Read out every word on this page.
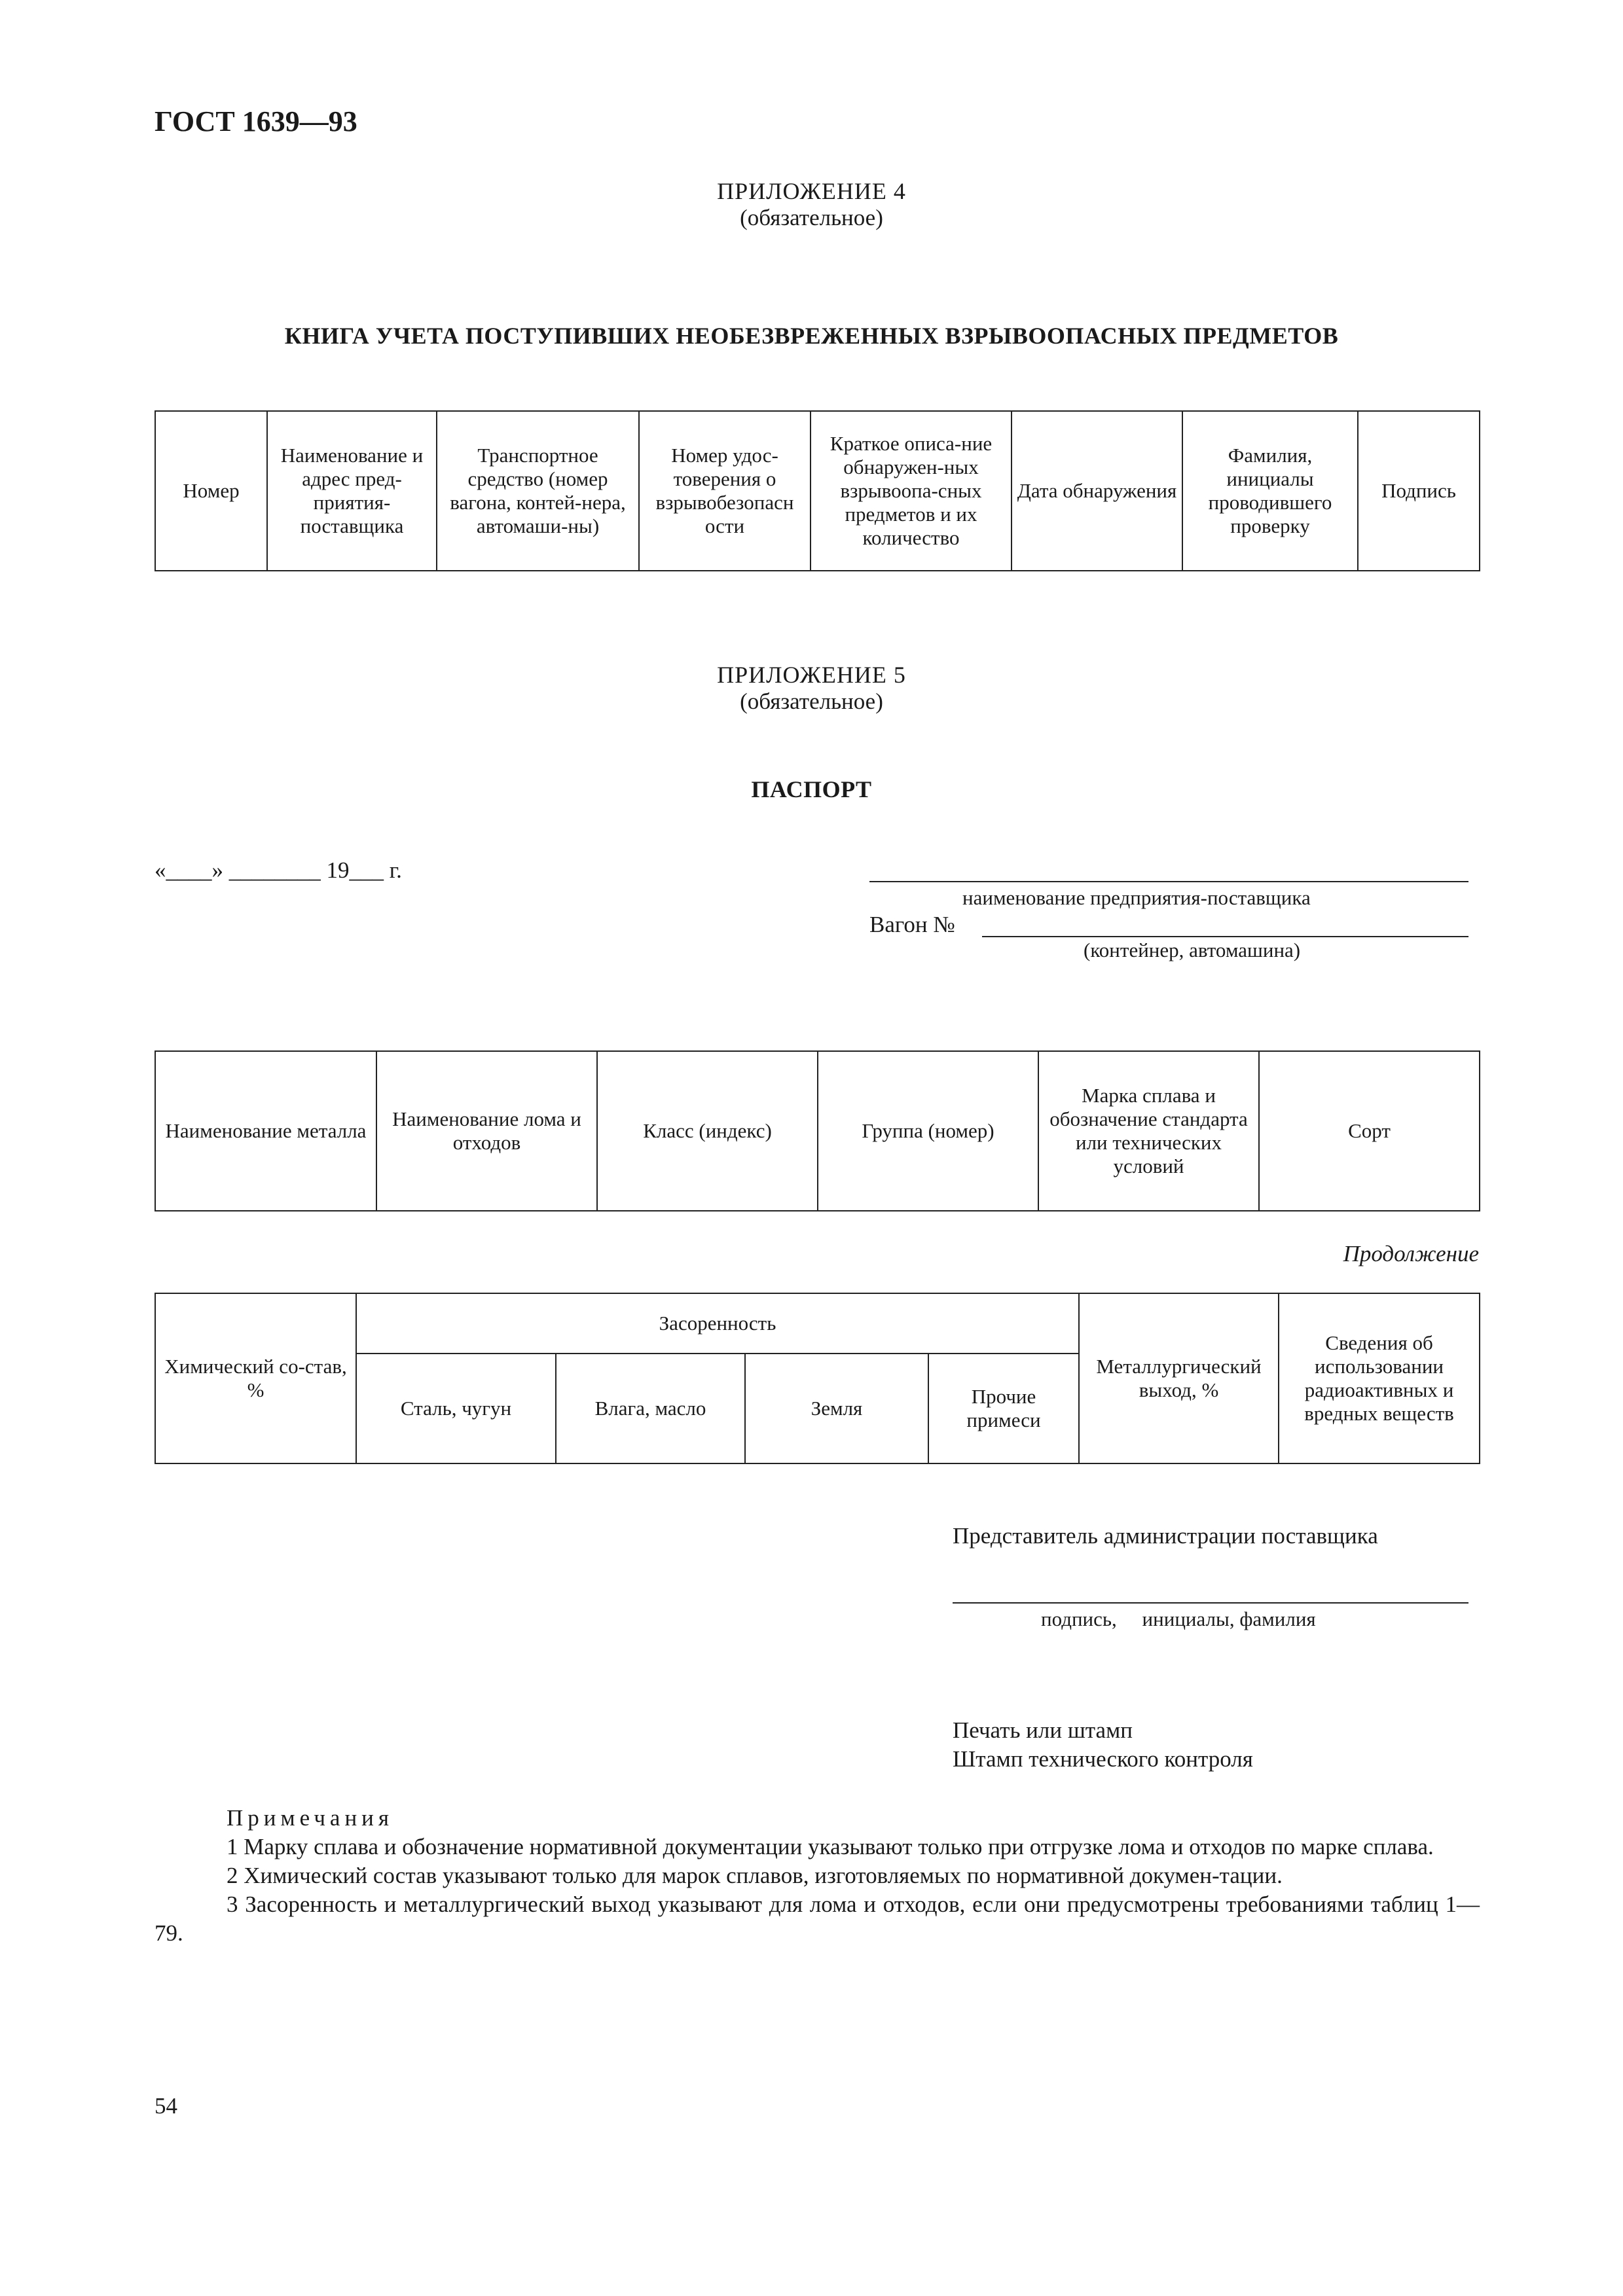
ГОСТ 1639—93
ПРИЛОЖЕНИЕ 4
(обязательное)
КНИГА УЧЕТА ПОСТУПИВШИХ НЕОБЕЗВРЕЖЕННЫХ ВЗРЫВООПАСНЫХ ПРЕДМЕТОВ
Номер	Наименование и адрес пред-приятия-поставщика	Транспортное средство (номер вагона, контей-нера, автомаши-ны)	Номер удос-товерения о взрывобезопасн ости	Краткое описа-ние обнаружен-ных взрывоопа-сных предметов и их количество	Дата обнаружения	Фамилия, инициалы проводившего проверку	Подпись
ПРИЛОЖЕНИЕ 5
(обязательное)
ПАСПОРТ
«____» ________ 19___ г.
наименование предприятия-поставщика
Вагон №
(контейнер, автомашина)
Наименование металла	Наименование лома и отходов	Класс (индекс)	Группа (номер)	Марка сплава и обозначение стандарта или технических условий	Сорт
Продолжение
Химический со-став, %	Засоренность				Металлургический выход, %	Сведения об использовании радиоактивных и вредных веществ
	Сталь, чугун	Влага, масло	Земля	Прочие примеси		
Представитель администрации поставщика
подпись,     инициалы, фамилия
Печать или штамп
Штамп технического контроля

Примечания

1 Марку сплава и обозначение нормативной документации указывают только при отгрузке лома и отходов по марке сплава.

2 Химический состав указывают только для марок сплавов, изготовляемых по нормативной докумен-тации.

3 Засоренность и металлургический выход указывают для лома и отходов, если они предусмотрены требованиями таблиц 1—79.

54
